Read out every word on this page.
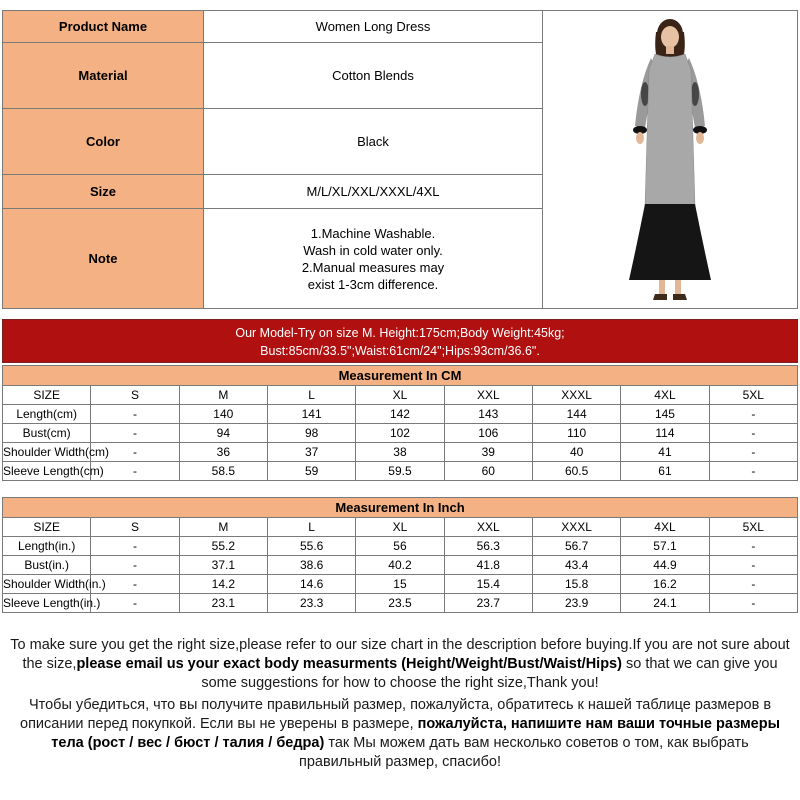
Product Name	Women Long Dress	

Material	Cotton Blends	
Color	Black	
Size	M/L/XL/XXL/XXXL/4XL	
Note	1.Machine Washable.
Wash in cold water only.
2.Manual measures may
exist 1-3cm difference.	
Our Model-Try on size M. Height:175cm;Body Weight:45kg;
Bust:85cm/33.5";Waist:61cm/24";Hips:93cm/36.6".
Measurement In CM								
SIZE	S	M	L	XL	XXL	XXXL	4XL	5XL
Length(cm)	-	140	141	142	143	144	145	-
Bust(cm)	-	94	98	102	106	110	114	-
Shoulder Width(cm)	-	36	37	38	39	40	41	-
Sleeve Length(cm)	-	58.5	59	59.5	60	60.5	61	-
Measurement In Inch								
SIZE	S	M	L	XL	XXL	XXXL	4XL	5XL
Length(in.)	-	55.2	55.6	56	56.3	56.7	57.1	-
Bust(in.)	-	37.1	38.6	40.2	41.8	43.4	44.9	-
Shoulder Width(in.)	-	14.2	14.6	15	15.4	15.8	16.2	-
Sleeve Length(in.)	-	23.1	23.3	23.5	23.7	23.9	24.1	-

To make sure you get the right size,please refer to our size chart in the description before buying.If you are not sure about the size,please email us your exact body measurments (Height/Weight/Bust/Waist/Hips) so that we can give you some suggestions for how to choose the right size,Thank you!

Чтобы убедиться, что вы получите правильный размер, пожалуйста, обратитесь к нашей таблице размеров в описании перед покупкой. Если вы не уверены в размере, пожалуйста, напишите нам ваши точные размеры тела (рост / вес / бюст / талия / бедра) так Мы можем дать вам несколько советов о том, как выбрать правильный размер, спасибо!
